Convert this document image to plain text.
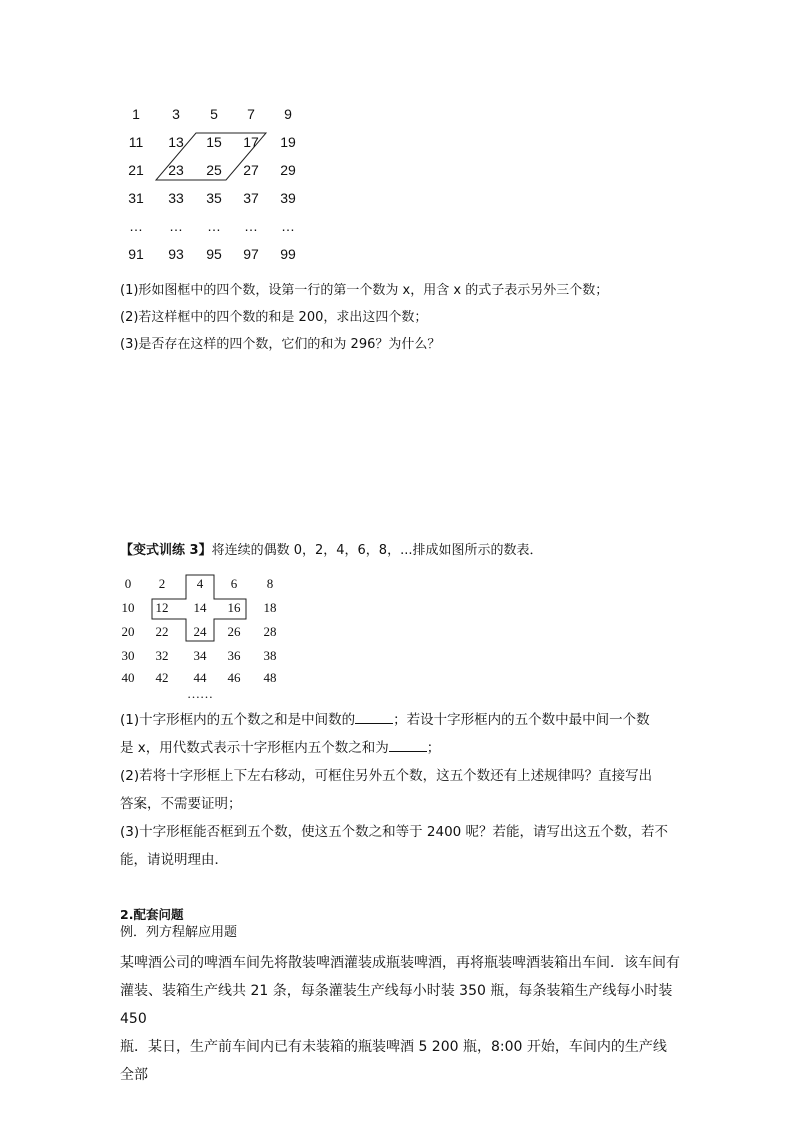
1	3	5	7	9
11	13	15	17	19
21	23	25	27	29
31	33	35	37	39
…	…	…	…	…
91	93	95	97	99
(1)形如图框中的四个数，设第一行的第一个数为 x，用含 x 的式子表示另外三个数；
(2)若这样框中的四个数的和是 200，求出这四个数；
(3)是否存在这样的四个数，它们的和为 296？为什么？
【变式训练 3】将连续的偶数 0，2，4，6，8，...排成如图所示的数表．
0	2	4	6	8
10	12	14	16	18
20	22	24	26	28
30	32	34	36	38
40	42	44	46	48
……
(1)十字形框内的五个数之和是中间数的	；若设十字形框内的五个数中最中间一个数
是 x，用代数式表示十字形框内五个数之和为	；
(2)若将十字形框上下左右移动，可框住另外五个数，这五个数还有上述规律吗？直接写出
答案，不需要证明；
(3)十字形框能否框到五个数，使这五个数之和等于 2400 呢？若能，请写出这五个数，若不
能，请说明理由．
2.配套问题
例．列方程解应用题
某啤酒公司的啤酒车间先将散装啤酒灌装成瓶装啤酒，再将瓶装啤酒装箱出车间．该车间有
灌装、装箱生产线共 21 条，每条灌装生产线每小时装 350 瓶，每条装箱生产线每小时装 450
瓶．某日，生产前车间内已有未装箱的瓶装啤酒 5 200 瓶，8:00 开始，车间内的生产线全部
